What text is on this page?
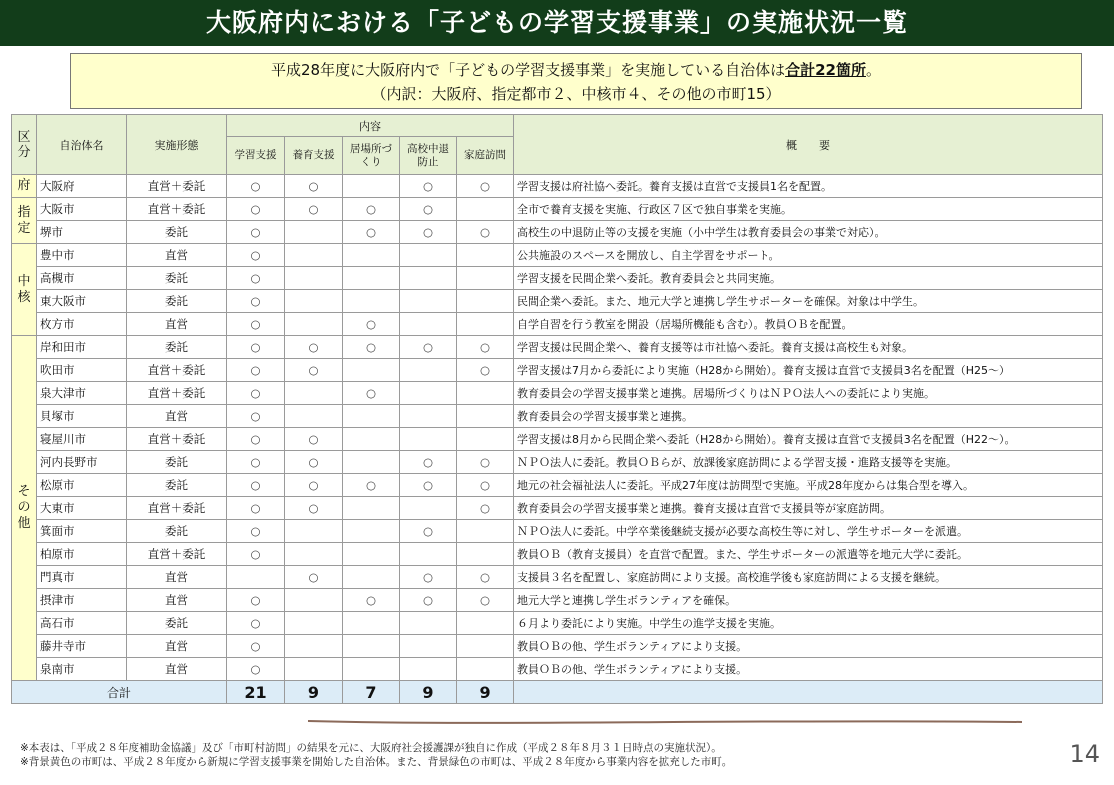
大阪府内における「子どもの学習支援事業」の実施状況一覧
平成28年度に大阪府内で「子どもの学習支援事業」を実施している自治体は合計22箇所。
（内訳：大阪府、指定都市２、中核市４、その他の市町15）
区分	自治体名	実施形態	内容					概　　要
			学習支援	養育支援	居場所づくり	高校中退防止	家庭訪問	

府	大阪府	直営＋委託	○	○		○	○	学習支援は府社協へ委託。養育支援は直営で支援員1名を配置。

指
定	大阪市	直営＋委託	○	○	○	○		全市で養育支援を実施、行政区７区で独自事業を実施。
	堺市	委託	○		○	○	○	高校生の中退防止等の支援を実施（小中学生は教育委員会の事業で対応）。

中
核	豊中市	直営	○					公共施設のスペースを開放し、自主学習をサポート。
	高槻市	委託	○					学習支援を民間企業へ委託。教育委員会と共同実施。
	東大阪市	委託	○					民間企業へ委託。また、地元大学と連携し学生サポーターを確保。対象は中学生。
	枚方市	直営	○		○			自学自習を行う教室を開設（居場所機能も含む）。教員ＯＢを配置。

そ
の
他	岸和田市	委託	○	○	○	○	○	学習支援は民間企業へ、養育支援等は市社協へ委託。養育支援は高校生も対象。
	吹田市	直営＋委託	○	○			○	学習支援は7月から委託により実施（H28から開始）。養育支援は直営で支援員3名を配置（H25〜）
	泉大津市	直営＋委託	○		○			教育委員会の学習支援事業と連携。居場所づくりはＮＰＯ法人への委託により実施。
	貝塚市	直営	○					教育委員会の学習支援事業と連携。
	寝屋川市	直営＋委託	○	○				学習支援は8月から民間企業へ委託（H28から開始）。養育支援は直営で支援員3名を配置（H22〜）。
	河内長野市	委託	○	○		○	○	ＮＰＯ法人に委託。教員ＯＢらが、放課後家庭訪問による学習支援・進路支援等を実施。
	松原市	委託	○	○	○	○	○	地元の社会福祉法人に委託。平成27年度は訪問型で実施。平成28年度からは集合型を導入。
	大東市	直営＋委託	○	○			○	教育委員会の学習支援事業と連携。養育支援は直営で支援員等が家庭訪問。
	箕面市	委託	○			○		ＮＰＯ法人に委託。中学卒業後継続支援が必要な高校生等に対し、学生サポーターを派遣。
	柏原市	直営＋委託	○					教員ＯＢ（教育支援員）を直営で配置。また、学生サポーターの派遣等を地元大学に委託。
	門真市	直営		○		○	○	支援員３名を配置し、家庭訪問により支援。高校進学後も家庭訪問による支援を継続。
	摂津市	直営	○		○	○	○	地元大学と連携し学生ボランティアを確保。
	高石市	委託	○					６月より委託により実施。中学生の進学支援を実施。
	藤井寺市	直営	○					教員ＯＢの他、学生ボランティアにより支援。
	泉南市	直営	○					教員ＯＢの他、学生ボランティアにより支援。
合計			21	9	7	9	9	
※本表は、「平成２８年度補助金協議」及び「市町村訪問」の結果を元に、大阪府社会援護課が独自に作成（平成２８年８月３１日時点の実施状況）。
※背景黄色の市町は、平成２８年度から新規に学習支援事業を開始した自治体。また、背景緑色の市町は、平成２８年度から事業内容を拡充した市町。	14
